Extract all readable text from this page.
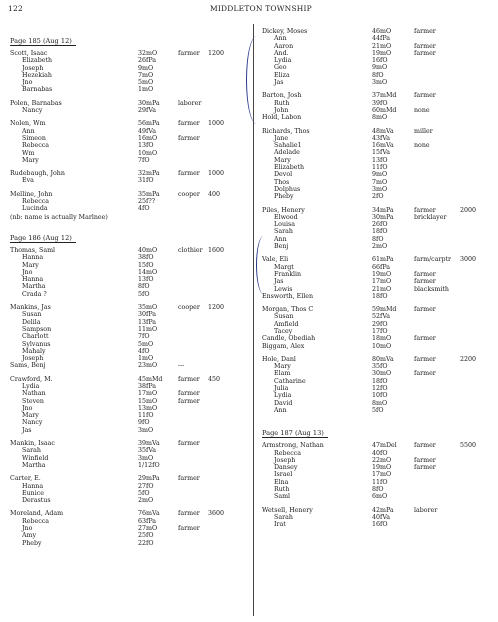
122	MIDDLETON TOWNSHIP
Page 185 (Aug 12)
Scott, Isaac	32mO	farmer 1200
Elizabeth	26fPa
Joseph	9mO
Hezekiah	7mO
Jno	5mO
Barnabas	1mO
Polen, Barnabas	30mPa	laborer
Nancy	29fVa
Nolen, Wm	56mPa	farmer 1000
Ann	49fVa
Simeon	16mO	farmer
Rebecca	13fO
Wm	10mO
Mary	7fO
Rudebaugh, John	32mPa	farmer 1000
Eva	31fO
Melline, John	35mPa	cooper 400
Rebecca	25f??
Lucinda	4fO
(nb: name is actually Marlnee)
Page 186 (Aug 12)
Thomas, Saml	40mO	clothier 1600
Hanna	38fO
Mary	15fO
Jno	14mO
Hanna	13fO
Martha	8fO
Crada ?	5fO
Mankins, Jas	35mO	cooper 1200
Susan	30fPa
Delila	13fPa
Sampson	11mO
Charlott	7fO
Sylvanus	5mO
Mahaly	4fO
Joseph	1mO
Sams, Benj	23mO	---
Crawford, M.	45mMd farmer 450
Lydia	38fPa
Nathan	17mO	farmer
Steven	15mO	farmer
Jno	13mO
Mary	11fO
Nancy	9fO
Jas	3mO
Mankin, Isaac	39mVa	farmer
Sarah	35fVa
Winfield	3mO
Martha	1/12fO
Carter, E.	29mPa	farmer
Hanna	27fO
Eunice	5fO
Derastus	2mO
Moreland, Adam	76mVa	farmer 3600
Rebecca	63fPa
Jno	27mO	farmer
Amy	25fO
Pheby	22fO
Dickey, Moses	46mO	farmer
Ann	44fPa
Aaron	21mO	farmer
And.	19mO	farmer
Lydia	16fO
Geo	9mO
Eliza	8fO
Jas	3mO
Barton, Josh	37mMd	farmer
Ruth	39fO
John	60mMd	none
Hold, Labon	8mO
Richards, Thos	48mVa	miller
Jane	43fVa
Sahalie1	16mVa	none
Adelade	15fVa
Mary	13fO
Elizabeth	11fO
Devol	9mO
Thos	7mO
Dolphus	3mO
Pheby	2fO
Piles, Henery	34mPa	farmer	2000
Elwood	30mPa	bricklayer
Louisa	26fO
Sarah	18fO
Ann	8fO
Benj	2mO
Vale, Eli	61mPa	farm/carptr 3000
Margt	66fPa
Franklin	19mO	farmer
Jas	17mO	farmer
Lewis	21mO	blacksmith
Ensworth, Ellen	18fO
Morgan, Thos C	59mMd	farmer
Susan	52fVa
Amfield	29fO
Tacey	17fO
Candle, Obediah	18mO	farmer
Biggam, Alex	10mO
Hole, Danl	80mVa	farmer	2200
Mary	35fO
Elam	30mO	farmer
Catharine	18fO
Julia	12fO
Lydia	10fO
David	8mO
Ann	5fO
Page 187 (Aug 13)
Armstrong, Nathan	47mDel	farmer	5500
Rebecca	40fO
Joseph	22mO	farmer
Dansey	19mO	farmer
Israel	17mO
Elna	11fO
Ruth	8fO
Saml	6mO
Wetsell, Henery	42mPa	laborer
Sarah	40fVa
Irat	16fO
